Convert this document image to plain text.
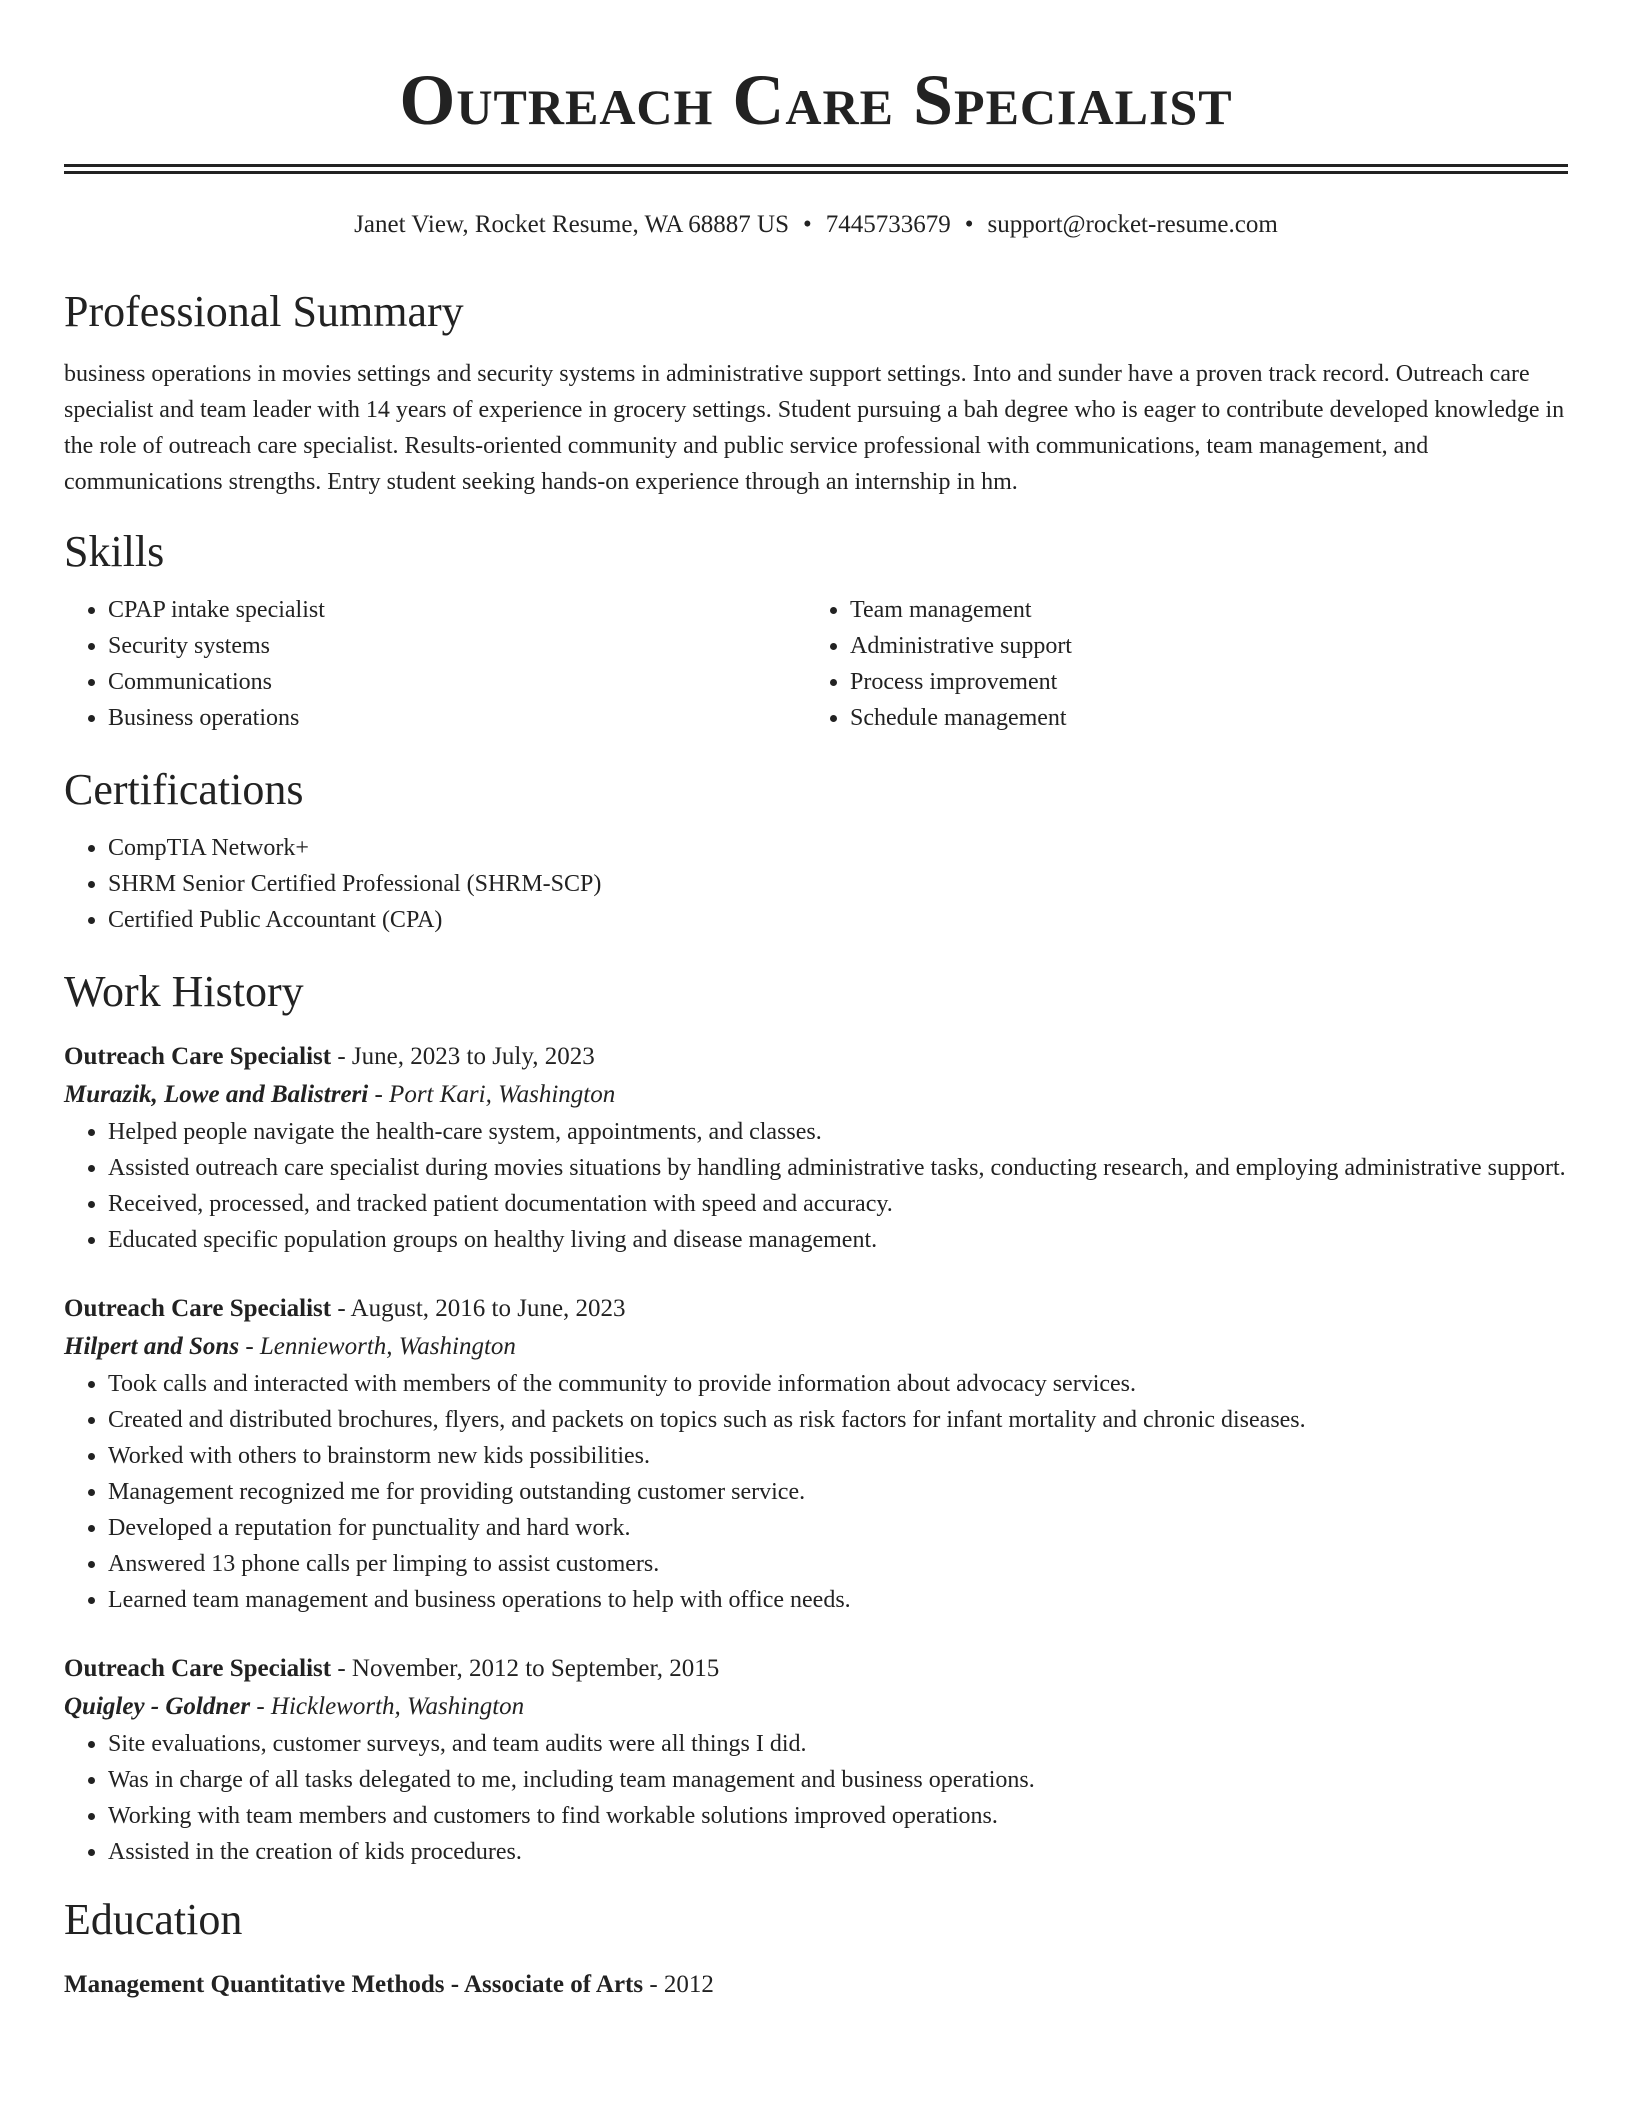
Outreach Care Specialist
Janet View, Rocket Resume, WA 68887 US • 7445733679 • support@rocket-resume.com
Professional Summary

business operations in movies settings and security systems in administrative support settings. Into and sunder have a proven track record. Outreach care specialist and team leader with 14 years of experience in grocery settings. Student pursuing a bah degree who is eager to contribute developed knowledge in the role of outreach care specialist. Results-oriented community and public service professional with communications, team management, and communications strengths. Entry student seeking hands-on experience through an internship in hm.

Skills
• CPAP intake specialist
• Security systems
• Communications
• Business operations
• Team management
• Administrative support
• Process improvement
• Schedule management
Certifications
• CompTIA Network+
• SHRM Senior Certified Professional (SHRM-SCP)
• Certified Public Accountant (CPA)
Work History
Outreach Care Specialist - June, 2023 to July, 2023
Murazik, Lowe and Balistreri - Port Kari, Washington
• Helped people navigate the health-care system, appointments, and classes.
• Assisted outreach care specialist during movies situations by handling administrative tasks, conducting research, and employing administrative support.
• Received, processed, and tracked patient documentation with speed and accuracy.
• Educated specific population groups on healthy living and disease management.
Outreach Care Specialist - August, 2016 to June, 2023
Hilpert and Sons - Lennieworth, Washington
• Took calls and interacted with members of the community to provide information about advocacy services.
• Created and distributed brochures, flyers, and packets on topics such as risk factors for infant mortality and chronic diseases.
• Worked with others to brainstorm new kids possibilities.
• Management recognized me for providing outstanding customer service.
• Developed a reputation for punctuality and hard work.
• Answered 13 phone calls per limping to assist customers.
• Learned team management and business operations to help with office needs.
Outreach Care Specialist - November, 2012 to September, 2015
Quigley - Goldner - Hickleworth, Washington
• Site evaluations, customer surveys, and team audits were all things I did.
• Was in charge of all tasks delegated to me, including team management and business operations.
• Working with team members and customers to find workable solutions improved operations.
• Assisted in the creation of kids procedures.
Education
Management Quantitative Methods - Associate of Arts - 2012
